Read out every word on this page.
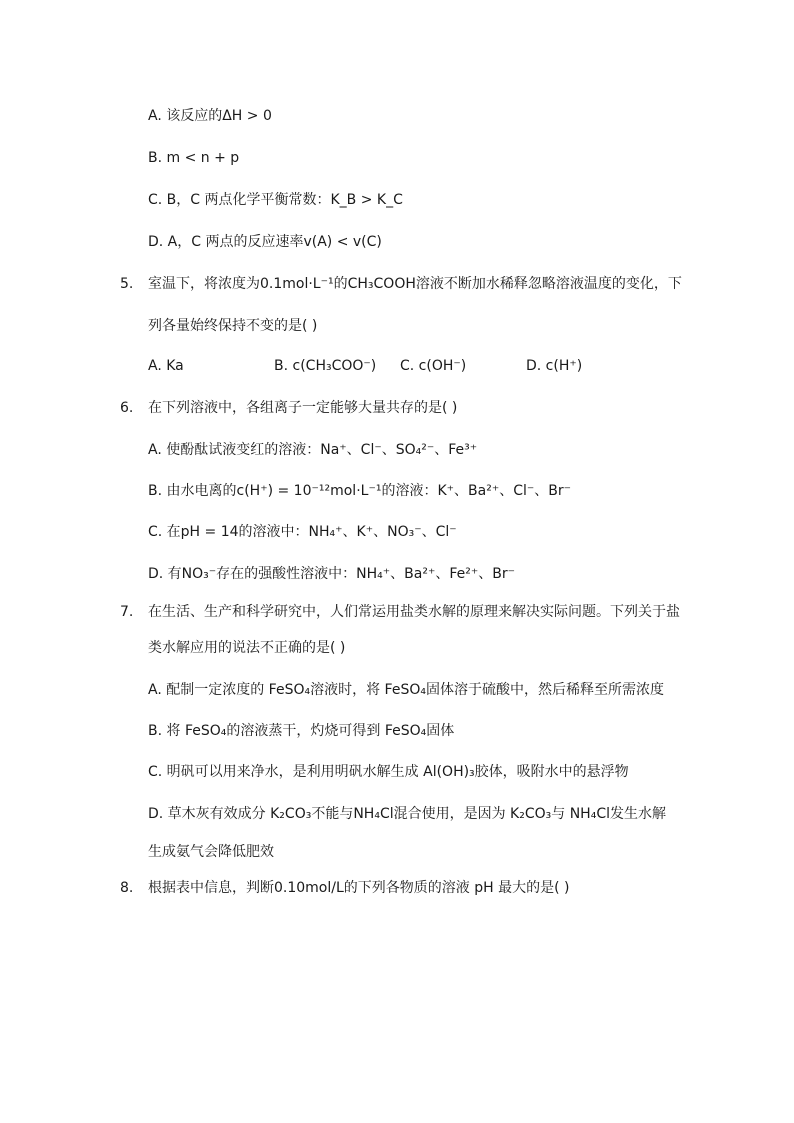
A. 该反应的ΔH > 0
B. m < n + p
C. B，C 两点化学平衡常数：K_B > K_C
D. A，C 两点的反应速率v(A) < v(C)
5. 室温下，将浓度为0.1mol·L⁻¹的CH₃COOH溶液不断加水稀释忽略溶液温度的变化，下
列各量始终保持不变的是( )
A. Ka	B. c(CH₃COO⁻) C. c(OH⁻)	D. c(H⁺)
6. 在下列溶液中，各组离子一定能够大量共存的是( )
A. 使酚酞试液变红的溶液：Na⁺、Cl⁻、SO₄²⁻、Fe³⁺
B. 由水电离的c(H⁺) = 10⁻¹²mol·L⁻¹的溶液：K⁺、Ba²⁺、Cl⁻、Br⁻
C. 在pH = 14的溶液中：NH₄⁺、K⁺、NO₃⁻、Cl⁻
D. 有NO₃⁻存在的强酸性溶液中：NH₄⁺、Ba²⁺、Fe²⁺、Br⁻
7. 在生活、生产和科学研究中，人们常运用盐类水解的原理来解决实际问题。下列关于盐
类水解应用的说法不正确的是( )
A. 配制一定浓度的 FeSO₄溶液时，将 FeSO₄固体溶于硫酸中，然后稀释至所需浓度
B. 将 FeSO₄的溶液蒸干，灼烧可得到 FeSO₄固体
C. 明矾可以用来净水，是利用明矾水解生成 Al(OH)₃胶体，吸附水中的悬浮物
D. 草木灰有效成分 K₂CO₃不能与NH₄Cl混合使用，是因为 K₂CO₃与 NH₄Cl发生水解
生成氨气会降低肥效
8. 根据表中信息，判断0.10mol/L的下列各物质的溶液 pH 最大的是( )
